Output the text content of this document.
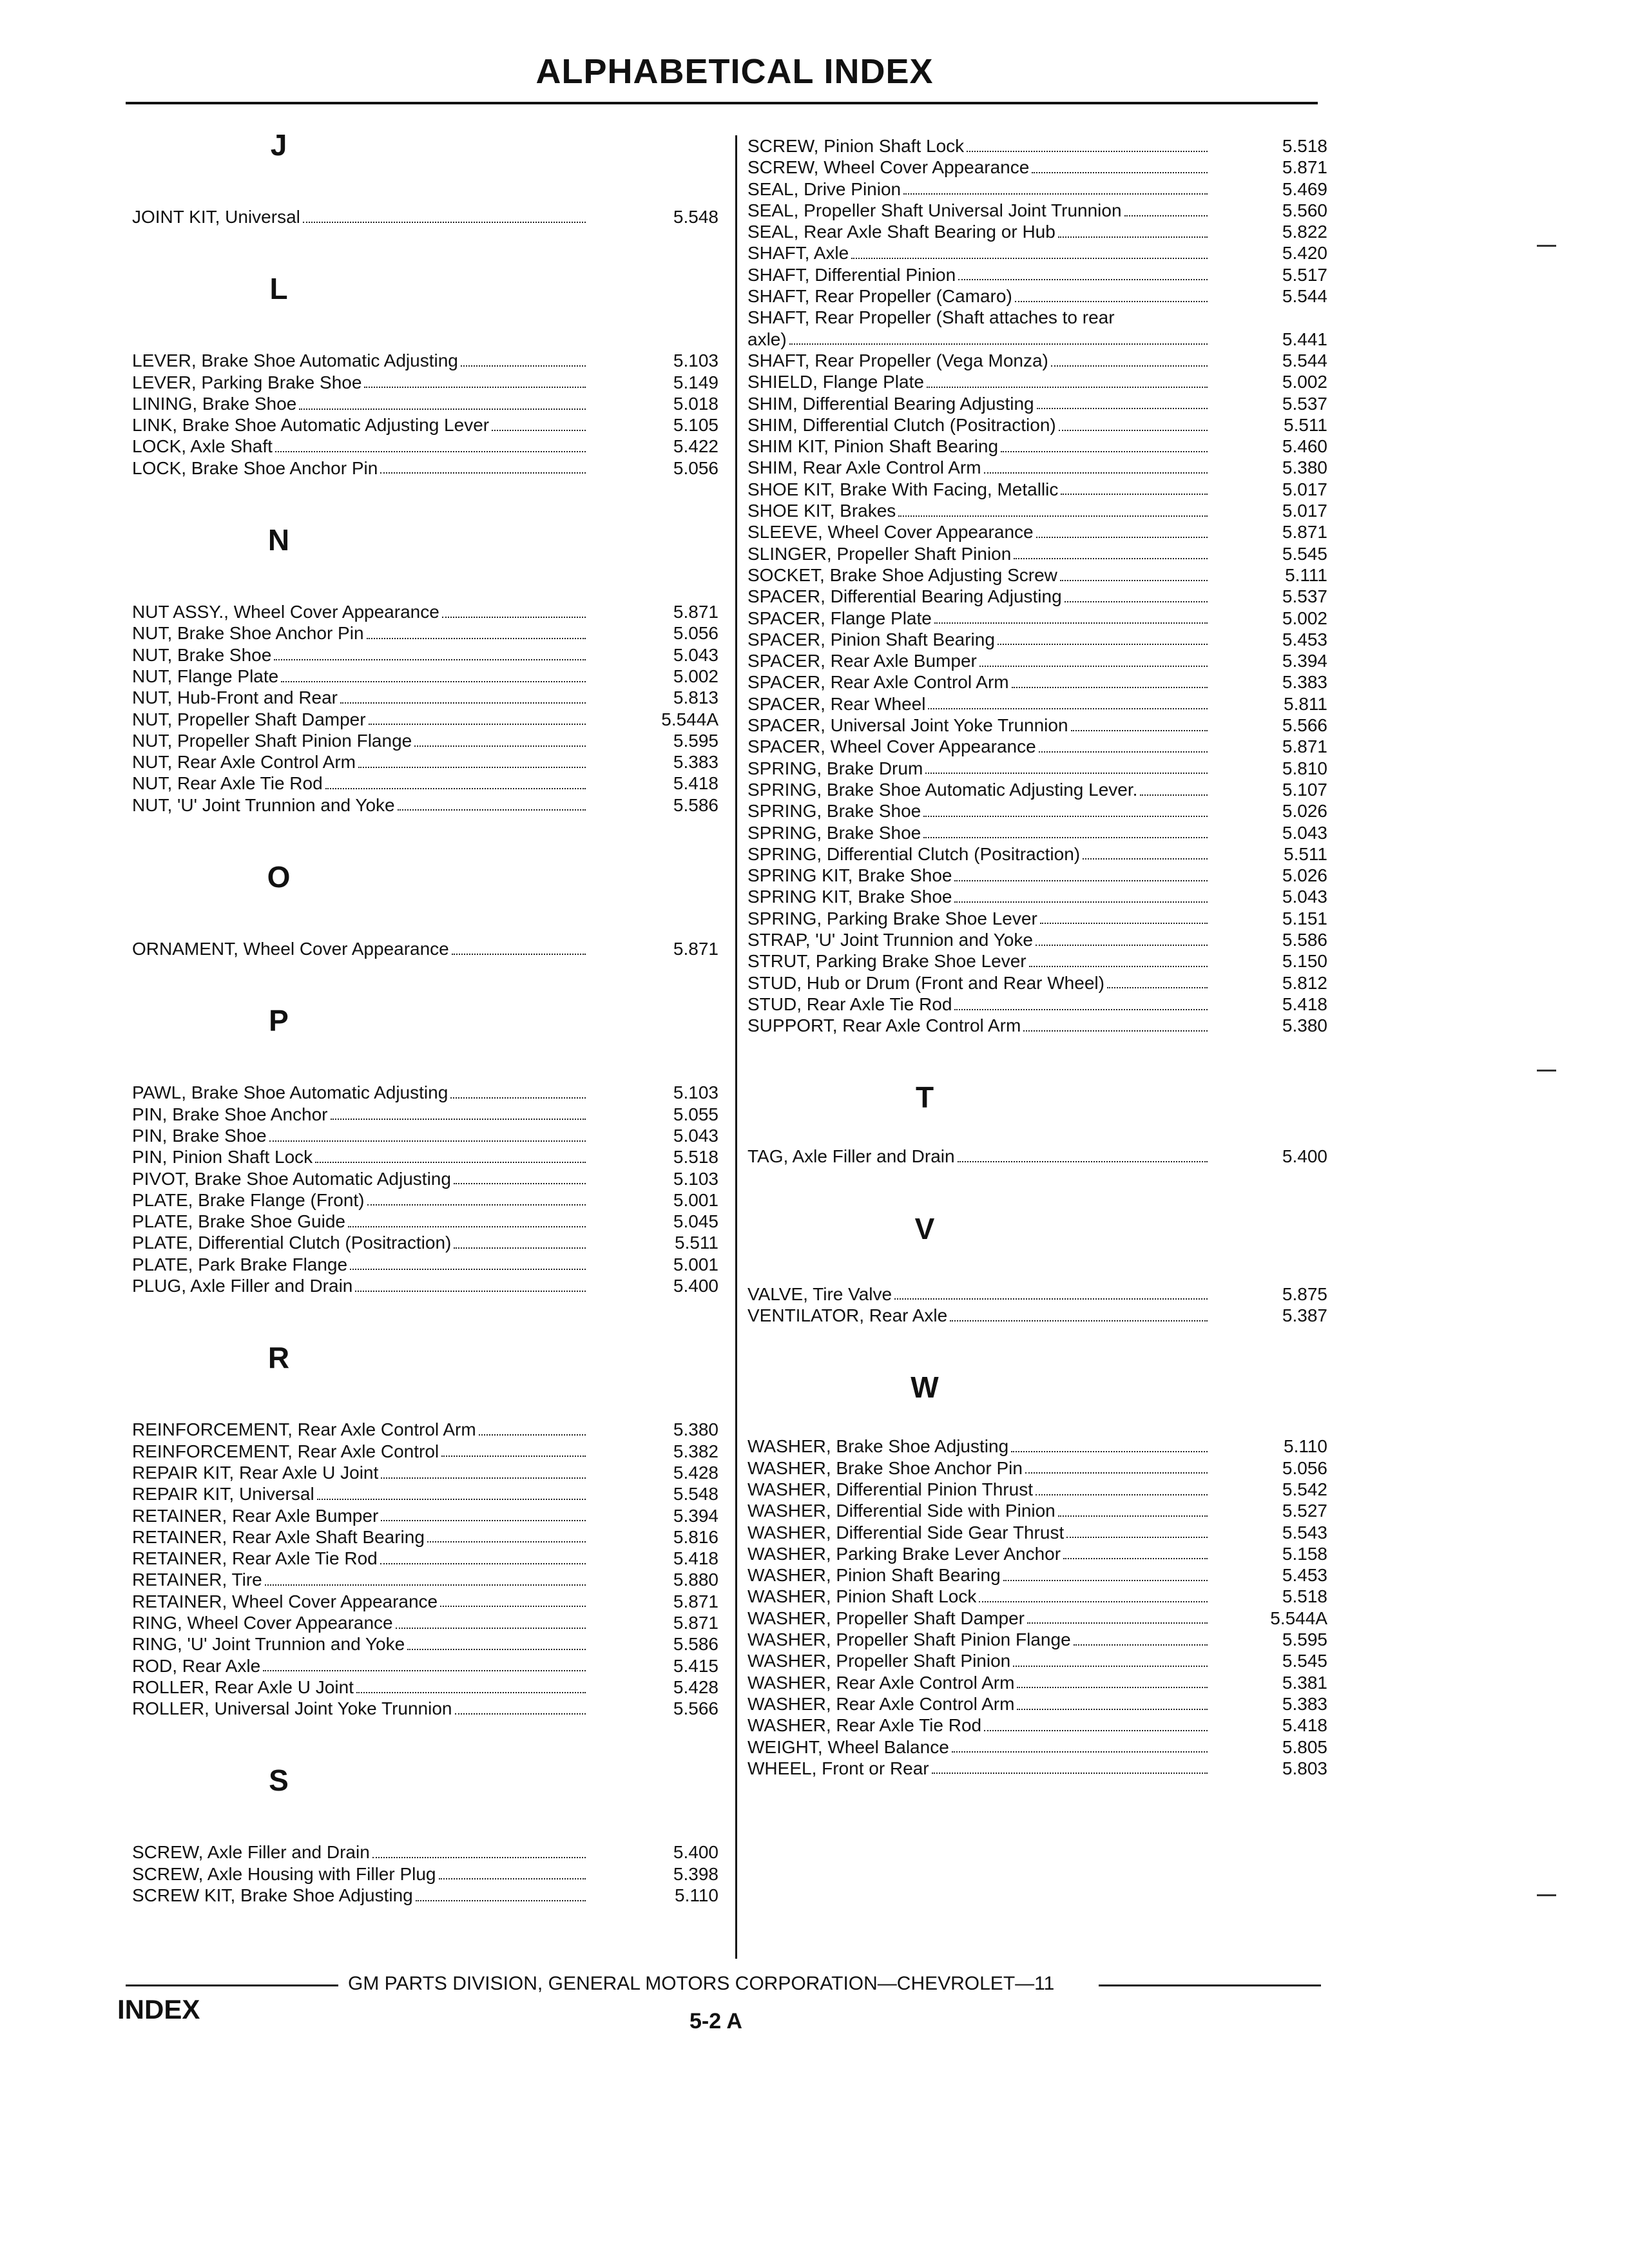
ALPHABETICAL INDEX
J
JOINT KIT, Universal	5.548
L
LEVER, Brake Shoe Automatic Adjusting	5.103
LEVER, Parking Brake Shoe	5.149
LINING, Brake Shoe	5.018
LINK, Brake Shoe Automatic Adjusting Lever	5.105
LOCK, Axle Shaft	5.422
LOCK, Brake Shoe Anchor Pin	5.056
N
NUT ASSY., Wheel Cover Appearance	5.871
NUT, Brake Shoe Anchor Pin	5.056
NUT, Brake Shoe	5.043
NUT, Flange Plate	5.002
NUT, Hub-Front and Rear	5.813
NUT, Propeller Shaft Damper	5.544A
NUT, Propeller Shaft Pinion Flange	5.595
NUT, Rear Axle Control Arm	5.383
NUT, Rear Axle Tie Rod	5.418
NUT, 'U' Joint Trunnion and Yoke	5.586
O
ORNAMENT, Wheel Cover Appearance	5.871
P
PAWL, Brake Shoe Automatic Adjusting	5.103
PIN, Brake Shoe Anchor	5.055
PIN, Brake Shoe	5.043
PIN, Pinion Shaft Lock	5.518
PIVOT, Brake Shoe Automatic Adjusting	5.103
PLATE, Brake Flange (Front)	5.001
PLATE, Brake Shoe Guide	5.045
PLATE, Differential Clutch (Positraction)	5.511
PLATE, Park Brake Flange	5.001
PLUG, Axle Filler and Drain	5.400
R
REINFORCEMENT, Rear Axle Control Arm	5.380
REINFORCEMENT, Rear Axle Control	5.382
REPAIR KIT, Rear Axle U Joint	5.428
REPAIR KIT, Universal	5.548
RETAINER, Rear Axle Bumper	5.394
RETAINER, Rear Axle Shaft Bearing	5.816
RETAINER, Rear Axle Tie Rod	5.418
RETAINER, Tire	5.880
RETAINER, Wheel Cover Appearance	5.871
RING, Wheel Cover Appearance	5.871
RING, 'U' Joint Trunnion and Yoke	5.586
ROD, Rear Axle	5.415
ROLLER, Rear Axle U Joint	5.428
ROLLER, Universal Joint Yoke Trunnion	5.566
S
SCREW, Axle Filler and Drain	5.400
SCREW, Axle Housing with Filler Plug	5.398
SCREW KIT, Brake Shoe Adjusting	5.110
SCREW, Pinion Shaft Lock	5.518
SCREW, Wheel Cover Appearance	5.871
SEAL, Drive Pinion	5.469
SEAL, Propeller Shaft Universal Joint Trunnion	5.560
SEAL, Rear Axle Shaft Bearing or Hub	5.822
SHAFT, Axle	5.420
SHAFT, Differential Pinion	5.517
SHAFT, Rear Propeller (Camaro)	5.544
SHAFT, Rear Propeller (Shaft attaches to rear
axle)	5.441
SHAFT, Rear Propeller (Vega Monza)	5.544
SHIELD, Flange Plate	5.002
SHIM, Differential Bearing Adjusting	5.537
SHIM, Differential Clutch (Positraction)	5.511
SHIM KIT, Pinion Shaft Bearing	5.460
SHIM, Rear Axle Control Arm	5.380
SHOE KIT, Brake With Facing, Metallic	5.017
SHOE KIT, Brakes	5.017
SLEEVE, Wheel Cover Appearance	5.871
SLINGER, Propeller Shaft Pinion	5.545
SOCKET, Brake Shoe Adjusting Screw	5.111
SPACER, Differential Bearing Adjusting	5.537
SPACER, Flange Plate	5.002
SPACER, Pinion Shaft Bearing	5.453
SPACER, Rear Axle Bumper	5.394
SPACER, Rear Axle Control Arm	5.383
SPACER, Rear Wheel	5.811
SPACER, Universal Joint Yoke Trunnion	5.566
SPACER, Wheel Cover Appearance	5.871
SPRING, Brake Drum	5.810
SPRING, Brake Shoe Automatic Adjusting Lever.	5.107
SPRING, Brake Shoe	5.026
SPRING, Brake Shoe	5.043
SPRING, Differential Clutch (Positraction)	5.511
SPRING KIT, Brake Shoe	5.026
SPRING KIT, Brake Shoe	5.043
SPRING, Parking Brake Shoe Lever	5.151
STRAP, 'U' Joint Trunnion and Yoke	5.586
STRUT, Parking Brake Shoe Lever	5.150
STUD, Hub or Drum (Front and Rear Wheel)	5.812
STUD, Rear Axle Tie Rod	5.418
SUPPORT, Rear Axle Control Arm	5.380
T
TAG, Axle Filler and Drain	5.400
V
VALVE, Tire Valve	5.875
VENTILATOR, Rear Axle	5.387
W
WASHER, Brake Shoe Adjusting	5.110
WASHER, Brake Shoe Anchor Pin	5.056
WASHER, Differential Pinion Thrust	5.542
WASHER, Differential Side with Pinion	5.527
WASHER, Differential Side Gear Thrust	5.543
WASHER, Parking Brake Lever Anchor	5.158
WASHER, Pinion Shaft Bearing	5.453
WASHER, Pinion Shaft Lock	5.518
WASHER, Propeller Shaft Damper	5.544A
WASHER, Propeller Shaft Pinion Flange	5.595
WASHER, Propeller Shaft Pinion	5.545
WASHER, Rear Axle Control Arm	5.381
WASHER, Rear Axle Control Arm	5.383
WASHER, Rear Axle Tie Rod	5.418
WEIGHT, Wheel Balance	5.805
WHEEL, Front or Rear	5.803
GM PARTS DIVISION, GENERAL MOTORS CORPORATION—CHEVROLET—11
INDEX	5-2 A
